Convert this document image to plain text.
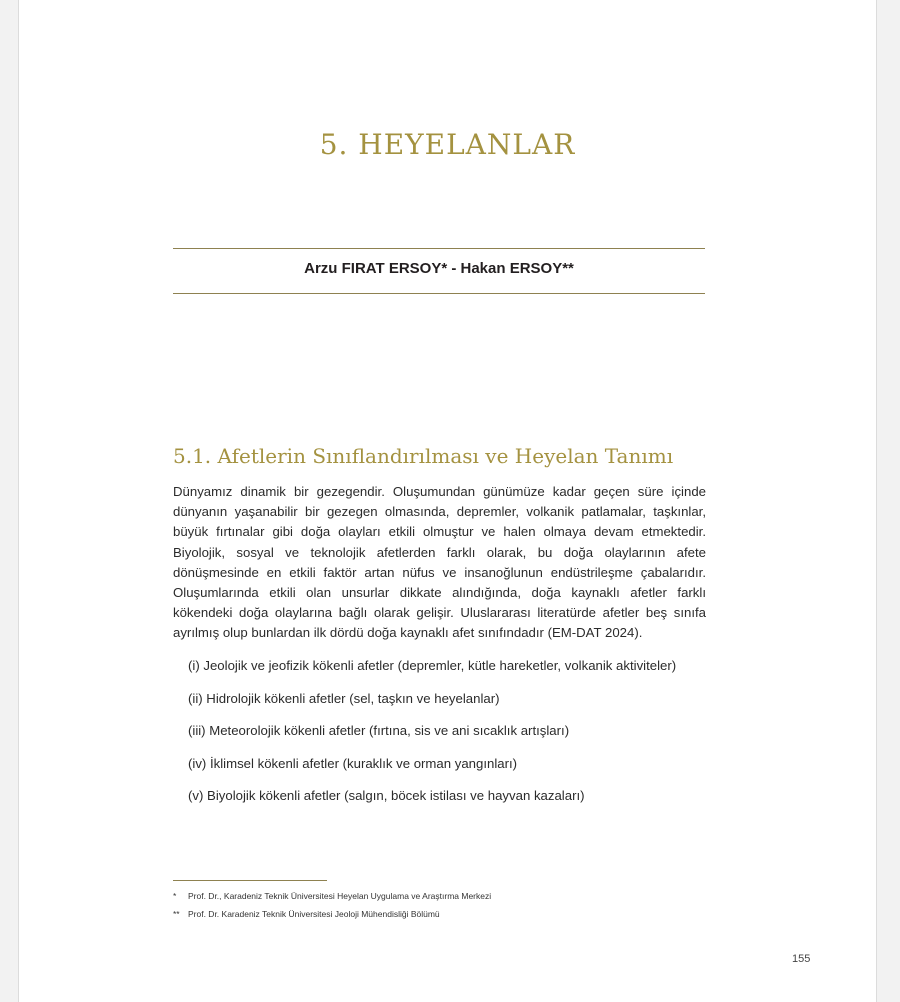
5. HEYELANLAR
Arzu FIRAT ERSOY* - Hakan ERSOY**
5.1. Afetlerin Sınıflandırılması ve Heyelan Tanımı

Dünyamız dinamik bir gezegendir. Oluşumundan günümüze kadar geçen süre içinde dünyanın yaşanabilir bir gezegen olmasında, depremler, volkanik patlamalar, taşkınlar, büyük fırtınalar gibi doğa olayları etkili olmuştur ve halen olmaya devam etmektedir. Biyolojik, sosyal ve teknolojik afetlerden farklı olarak, bu doğa olaylarının afete dönüşmesinde en etkili faktör artan nüfus ve insanoğlunun endüstrileşme çabalarıdır. Oluşumlarında etkili olan unsurlar dikkate alındığında, doğa kaynaklı afetler farklı kökendeki doğa olaylarına bağlı olarak gelişir. Uluslararası literatürde afetler beş sınıfa ayrılmış olup bunlardan ilk dördü doğa kaynaklı afet sınıfındadır (EM-DAT 2024).

(i) Jeolojik ve jeofizik kökenli afetler (depremler, kütle hareketler, volkanik aktiviteler)
(ii) Hidrolojik kökenli afetler (sel, taşkın ve heyelanlar)
(iii) Meteorolojik kökenli afetler (fırtına, sis ve ani sıcaklık artışları)
(iv) İklimsel kökenli afetler (kuraklık ve orman yangınları)
(v) Biyolojik kökenli afetler (salgın, böcek istilası ve hayvan kazaları)
* Prof. Dr., Karadeniz Teknik Üniversitesi Heyelan Uygulama ve Araştırma Merkezi
** Prof. Dr. Karadeniz Teknik Üniversitesi Jeoloji Mühendisliği Bölümü
155
